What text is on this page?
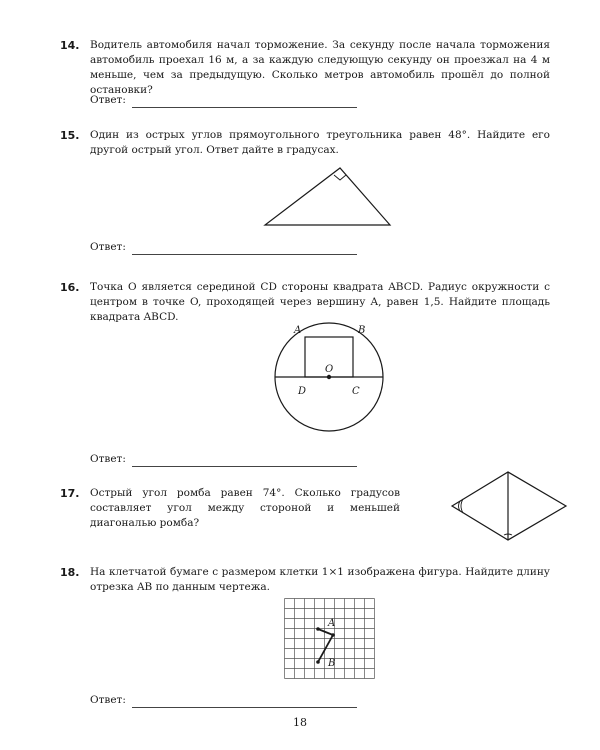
14. Водитель автомобиля начал торможение. За секунду после начала торможения автомобиль проехал 16 м, а за каждую следующую секунду он проезжал на 4 м меньше, чем за предыдущую. Сколько метров автомобиль прошёл до полной остановки?
Ответ:
15. Один из острых углов прямоугольного треугольника равен 48°. Найдите его другой острый угол. Ответ дайте в градусах.
Ответ:
16. Точка O является серединой CD стороны квадрата ABCD. Радиус окружности с центром в точке O, проходящей через вершину A, равен 1,5. Найдите площадь квадрата ABCD.
Ответ:
A	B
D	C
O
17. Острый угол ромба равен 74°. Сколько градусов составляет угол между стороной и меньшей диагональю ромба?
18. На клетчатой бумаге с размером клетки 1×1 изображена фигура. Найдите длину отрезка AB по данным чертежа.
Ответ:
A
B
18
